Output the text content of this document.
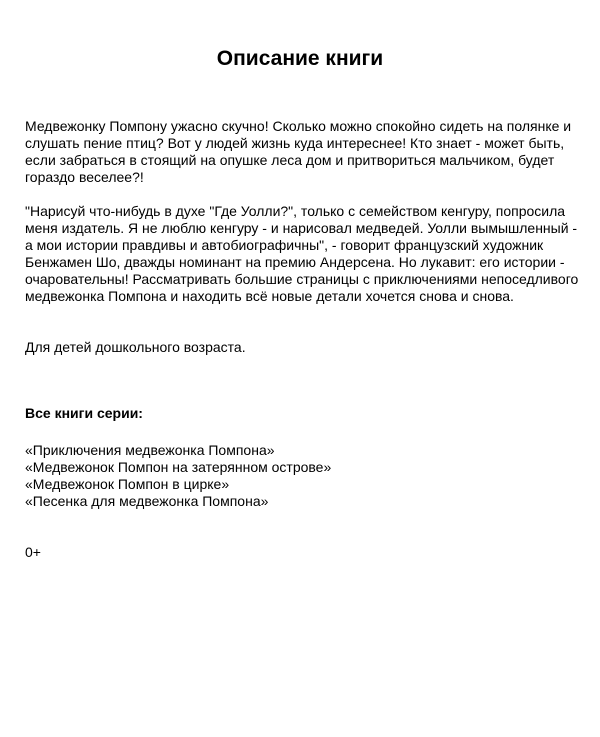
Описание книги

Медвежонку Помпону ужасно скучно! Сколько можно спокойно сидеть на полянке и слушать пение птиц? Вот у людей жизнь куда интереснее! Кто знает - может быть, если забраться в стоящий на опушке леса дом и притвориться мальчиком, будет гораздо веселее?!

"Нарисуй что-нибудь в духе "Где Уолли?", только с семейством кенгуру, попросила меня издатель. Я не люблю кенгуру - и нарисовал медведей. Уолли вымышленный - а мои истории правдивы и автобиографичны", - говорит французский художник Бенжамен Шо, дважды номинант на премию Андерсена. Но лукавит: его истории - очаровательны! Рассматривать большие страницы с приключениями непоседливого медвежонка Помпона и находить всё новые детали хочется снова и снова.

Для детей дошкольного возраста.

Все книги серии:

«Приключения медвежонка Помпона»
«Медвежонок Помпон на затерянном острове»
«Медвежонок Помпон в цирке»
«Песенка для медвежонка Помпона»

0+
